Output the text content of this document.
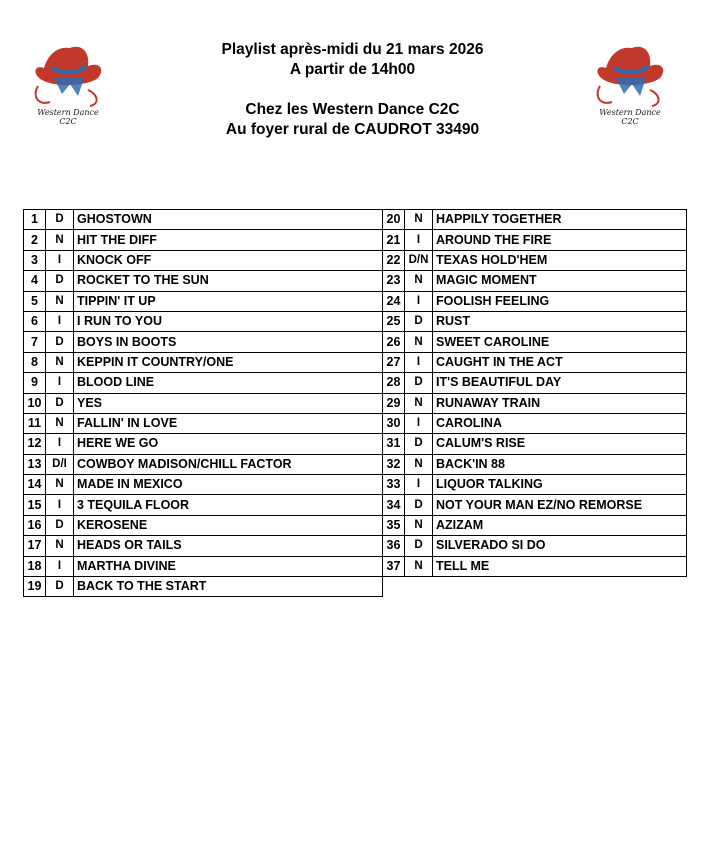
Western Dance C2C
Western Dance C2C
Playlist après-midi du 21 mars 2026
A partir de 14h00
Chez les Western Dance C2C
Au foyer rural de CAUDROT 33490
1	D	GHOSTOWN
2	N	HIT THE DIFF
3	I	KNOCK OFF
4	D	ROCKET TO THE SUN
5	N	TIPPIN' IT UP
6	I	I RUN TO YOU
7	D	BOYS IN BOOTS
8	N	KEPPIN IT COUNTRY/ONE
9	I	BLOOD LINE
10	D	YES
11	N	FALLIN' IN LOVE
12	I	HERE WE GO
13	D/I	COWBOY MADISON/CHILL FACTOR
14	N	MADE IN MEXICO
15	I	3 TEQUILA FLOOR
16	D	KEROSENE
17	N	HEADS OR TAILS
18	I	MARTHA DIVINE
19	D	BACK TO THE START
20	N	HAPPILY TOGETHER
21	I	AROUND THE FIRE
22	D/N	TEXAS HOLD'HEM
23	N	MAGIC MOMENT
24	I	FOOLISH FEELING
25	D	RUST
26	N	SWEET CAROLINE
27	I	CAUGHT IN THE ACT
28	D	IT'S BEAUTIFUL DAY
29	N	RUNAWAY TRAIN
30	I	CAROLINA
31	D	CALUM'S RISE
32	N	BACK'IN 88
33	I	LIQUOR TALKING
34	D	NOT YOUR MAN EZ/NO REMORSE
35	N	AZIZAM
36	D	SILVERADO SI DO
37	N	TELL ME
